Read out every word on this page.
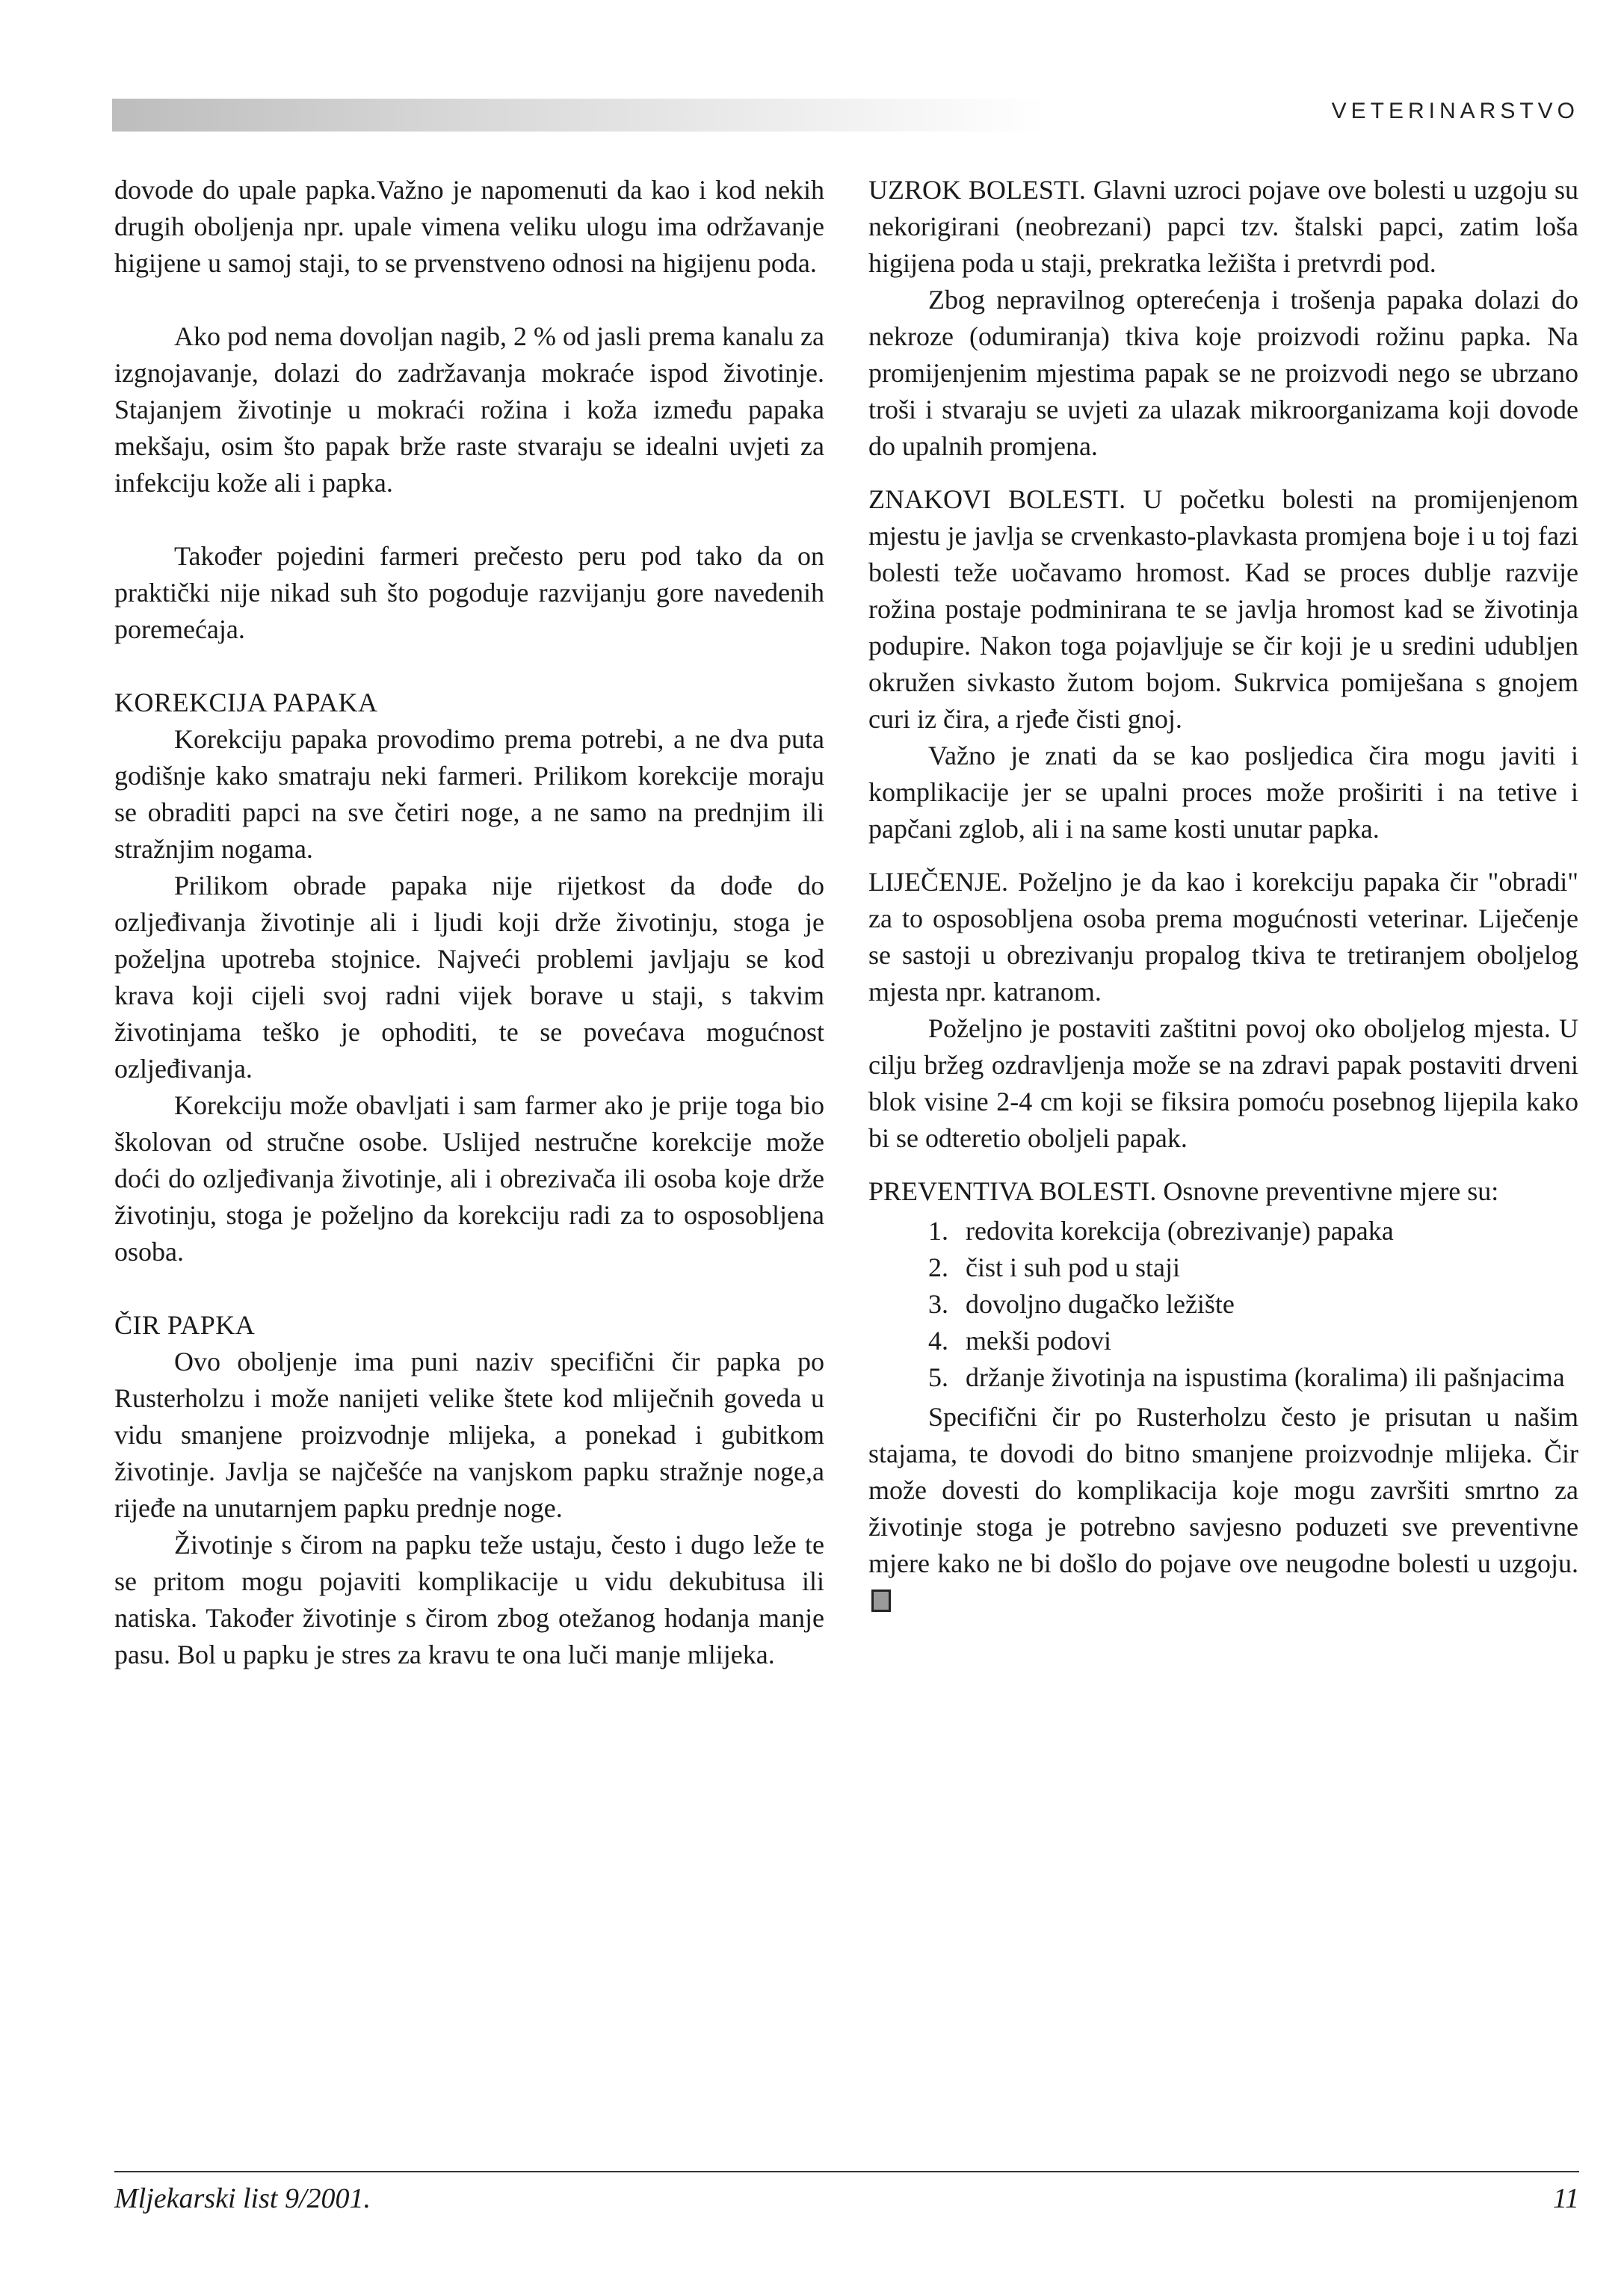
VETERINARSTVO

dovode do upale papka.Važno je napomenuti da kao i kod nekih drugih oboljenja npr. upale vimena veliku ulogu ima održavanje higijene u samoj staji, to se prvenstveno odnosi na higijenu poda.

Ako pod nema dovoljan nagib, 2 % od jasli prema kanalu za izgnojavanje, dolazi do zadržavanja mokraće ispod životinje. Stajanjem životinje u mokraći rožina i koža između papaka mekšaju, osim što papak brže raste stvaraju se idealni uvjeti za infekciju kože ali i papka.

Također pojedini farmeri prečesto peru pod tako da on praktički nije nikad suh što pogoduje razvijanju gore navedenih poremećaja.

KOREKCIJA PAPAKA

Korekciju papaka provodimo prema potrebi, a ne dva puta godišnje kako smatraju neki farmeri. Prilikom korekcije moraju se obraditi papci na sve četiri noge, a ne samo na prednjim ili stražnjim nogama.

Prilikom obrade papaka nije rijetkost da dođe do ozljeđivanja životinje ali i ljudi koji drže životinju, stoga je poželjna upotreba stojnice. Najveći problemi javljaju se kod krava koji cijeli svoj radni vijek borave u staji, s takvim životinjama teško je ophoditi, te se povećava mogućnost ozljeđivanja.

Korekciju može obavljati i sam farmer ako je prije toga bio školovan od stručne osobe. Uslijed nestručne korekcije može doći do ozljeđivanja životinje, ali i obrezivača ili osoba koje drže životinju, stoga je poželjno da korekciju radi za to osposobljena osoba.

ČIR PAPKA

Ovo oboljenje ima puni naziv specifični čir papka po Rusterholzu i može nanijeti velike štete kod mliječnih goveda u vidu smanjene proizvodnje mlijeka, a ponekad i gubitkom životinje. Javlja se najčešće na vanjskom papku stražnje noge,a rijeđe na unutarnjem papku prednje noge.

Životinje s čirom na papku teže ustaju, često i dugo leže te se pritom mogu pojaviti komplikacije u vidu dekubitusa ili natiska. Također životinje s čirom zbog otežanog hodanja manje pasu. Bol u papku je stres za kravu te ona luči manje mlijeka.

UZROK BOLESTI. Glavni uzroci pojave ove bolesti u uzgoju su nekorigirani (neobrezani) papci tzv. štalski papci, zatim loša higijena poda u staji, prekratka ležišta i pretvrdi pod.

Zbog nepravilnog opterećenja i trošenja papaka dolazi do nekroze (odumiranja) tkiva koje proizvodi rožinu papka. Na promijenjenim mjestima papak se ne proizvodi nego se ubrzano troši i stvaraju se uvjeti za ulazak mikroorganizama koji dovode do upalnih promjena.

ZNAKOVI BOLESTI. U početku bolesti na promijenjenom mjestu je javlja se crvenkasto-plavkasta promjena boje i u toj fazi bolesti teže uočavamo hromost. Kad se proces dublje razvije rožina postaje podminirana te se javlja hromost kad se životinja podupire. Nakon toga pojavljuje se čir koji je u sredini udubljen okružen sivkasto žutom bojom. Sukrvica pomiješana s gnojem curi iz čira, a rjeđe čisti gnoj.

Važno je znati da se kao posljedica čira mogu javiti i komplikacije jer se upalni proces može proširiti i na tetive i papčani zglob, ali i na same kosti unutar papka.

LIJEČENJE. Poželjno je da kao i korekciju papaka čir "obradi" za to osposobljena osoba prema mogućnosti veterinar. Liječenje se sastoji u obrezivanju propalog tkiva te tretiranjem oboljelog mjesta npr. katranom.

Poželjno je postaviti zaštitni povoj oko oboljelog mjesta. U cilju bržeg ozdravljenja može se na zdravi papak postaviti drveni blok visine 2-4 cm koji se fiksira pomoću posebnog lijepila kako bi se odteretio oboljeli papak.

PREVENTIVA BOLESTI. Osnovne preventivne mjere su:

1. redovita korekcija (obrezivanje) papaka
2. čist i suh pod u staji
3. dovoljno dugačko ležište
4. mekši podovi
5. držanje životinja na ispustima (koralima) ili pašnjacima

Specifični čir po Rusterholzu često je prisutan u našim stajama, te dovodi do bitno smanjene proizvodnje mlijeka. Čir može dovesti do komplikacija koje mogu završiti smrtno za životinje stoga je potrebno savjesno poduzeti sve preventivne mjere kako ne bi došlo do pojave ove neugodne bolesti u uzgoju.

Mljekarski list 9/2001.	11
